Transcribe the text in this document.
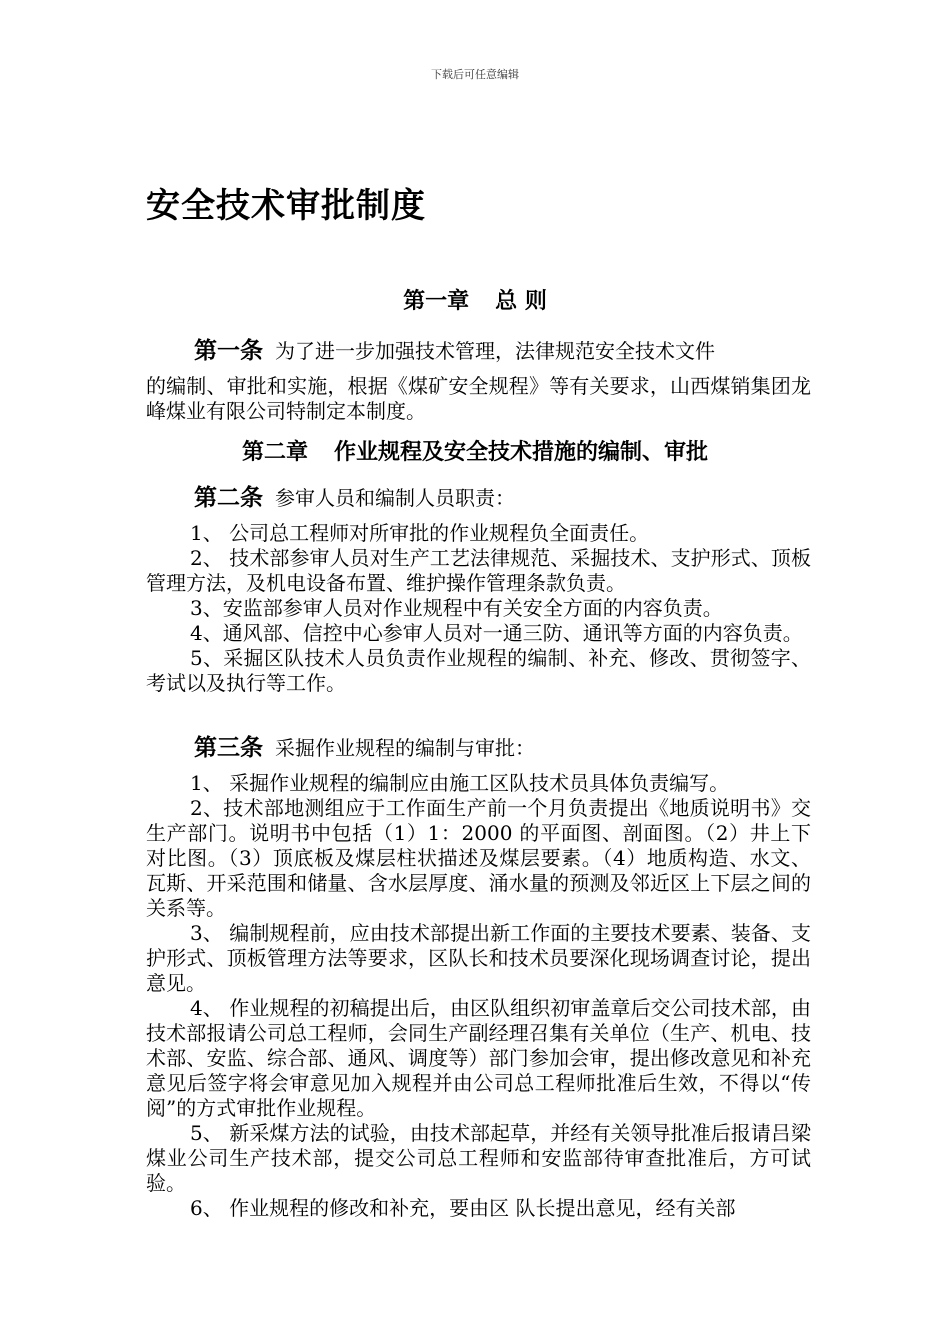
下载后可任意编辑
安全技术审批制度
第一章 总 则

第一条 为了进一步加强技术管理，法律规范安全技术文件

的编制、审批和实施，根据《煤矿安全规程》等有关要求，山西煤销集团龙峰煤业有限公司特制定本制度。

第二章 作业规程及安全技术措施的编制、审批

第二条 参审人员和编制人员职责：

1、 公司总工程师对所审批的作业规程负全面责任。

2、 技术部参审人员对生产工艺法律规范、采掘技术、支护形式、顶板管理方法，及机电设备布置、维护操作管理条款负责。

3、安监部参审人员对作业规程中有关安全方面的内容负责。

4、通风部、信控中心参审人员对一通三防、通讯等方面的内容负责。

5、采掘区队技术人员负责作业规程的编制、补充、修改、贯彻签字、考试以及执行等工作。

第三条 采掘作业规程的编制与审批：

1、 采掘作业规程的编制应由施工区队技术员具体负责编写。

2、技术部地测组应于工作面生产前一个月负责提出《地质说明书》交生产部门。说明书中包括（1）1：2000 的平面图、剖面图。（2）井上下对比图。（3）顶底板及煤层柱状描述及煤层要素。（4）地质构造、水文、瓦斯、开采范围和储量、含水层厚度、涌水量的预测及邻近区上下层之间的关系等。

3、 编制规程前，应由技术部提出新工作面的主要技术要素、装备、支护形式、顶板管理方法等要求，区队长和技术员要深化现场调查讨论，提出意见。

4、 作业规程的初稿提出后，由区队组织初审盖章后交公司技术部，由技术部报请公司总工程师，会同生产副经理召集有关单位（生产、机电、技术部、安监、综合部、通风、调度等）部门参加会审，提出修改意见和补充意见后签字将会审意见加入规程并由公司总工程师批准后生效，不得以“传阅”的方式审批作业规程。

5、 新采煤方法的试验，由技术部起草，并经有关领导批准后报请吕梁煤业公司生产技术部，提交公司总工程师和安监部待审查批准后，方可试验。

6、 作业规程的修改和补充，要由区 队长提出意见，经有关部
